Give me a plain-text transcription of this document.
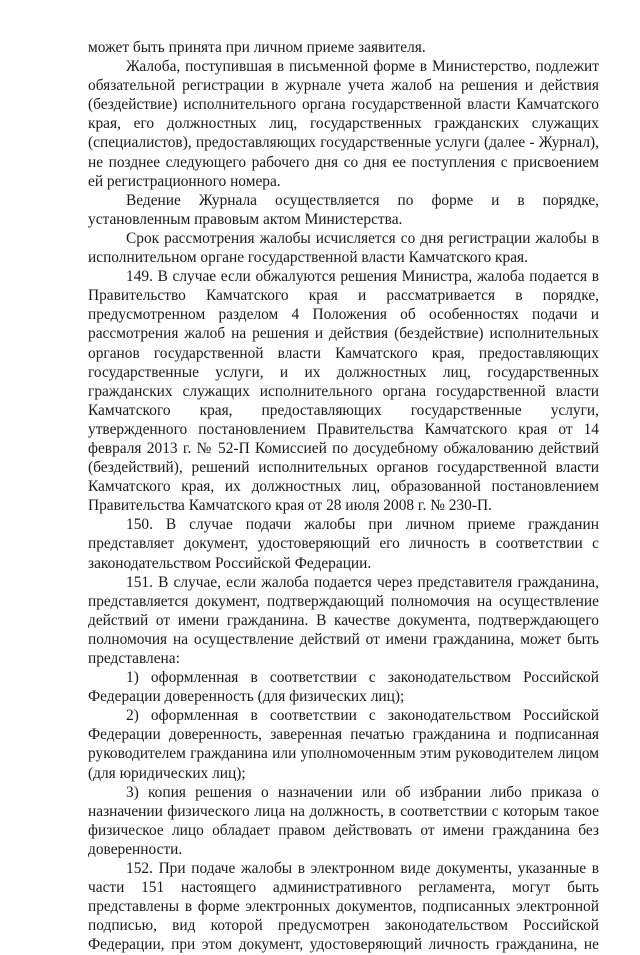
может быть принята при личном приеме заявителя.

Жалоба, поступившая в письменной форме в Министерство, подлежит обязательной регистрации в журнале учета жалоб на решения и действия (бездействие) исполнительного органа государственной власти Камчатского края, его должностных лиц, государственных гражданских служащих (специалистов), предоставляющих государственные услуги (далее - Журнал), не позднее следующего рабочего дня со дня ее поступления с присвоением ей регистрационного номера.

Ведение Журнала осуществляется по форме и в порядке, установленным правовым актом Министерства.

Срок рассмотрения жалобы исчисляется со дня регистрации жалобы в исполнительном органе государственной власти Камчатского края.

149. В случае если обжалуются решения Министра, жалоба подается в Правительство Камчатского края и рассматривается в порядке, предусмотренном разделом 4 Положения об особенностях подачи и рассмотрения жалоб на решения и действия (бездействие) исполнительных органов государственной власти Камчатского края, предоставляющих государственные услуги, и их должностных лиц, государственных гражданских служащих исполнительного органа государственной власти Камчатского края, предоставляющих государственные услуги, утвержденного постановлением Правительства Камчатского края от 14 февраля 2013 г. № 52-П Комиссией по досудебному обжалованию действий (бездействий), решений исполнительных органов государственной власти Камчатского края, их должностных лиц, образованной постановлением Правительства Камчатского края от 28 июля 2008 г. № 230-П.

150. В случае подачи жалобы при личном приеме гражданин представляет документ, удостоверяющий его личность в соответствии с законодательством Российской Федерации.

151. В случае, если жалоба подается через представителя гражданина, представляется документ, подтверждающий полномочия на осуществление действий от имени гражданина. В качестве документа, подтверждающего полномочия на осуществление действий от имени гражданина, может быть представлена:

1) оформленная в соответствии с законодательством Российской Федерации доверенность (для физических лиц);

2) оформленная в соответствии с законодательством Российской Федерации доверенность, заверенная печатью гражданина и подписанная руководителем гражданина или уполномоченным этим руководителем лицом (для юридических лиц);

3) копия решения о назначении или об избрании либо приказа о назначении физического лица на должность, в соответствии с которым такое физическое лицо обладает правом действовать от имени гражданина без доверенности.

152. При подаче жалобы в электронном виде документы, указанные в части 151 настоящего административного регламента, могут быть представлены в форме электронных документов, подписанных электронной подписью, вид которой предусмотрен законодательством Российской Федерации, при этом документ, удостоверяющий личность гражданина, не
